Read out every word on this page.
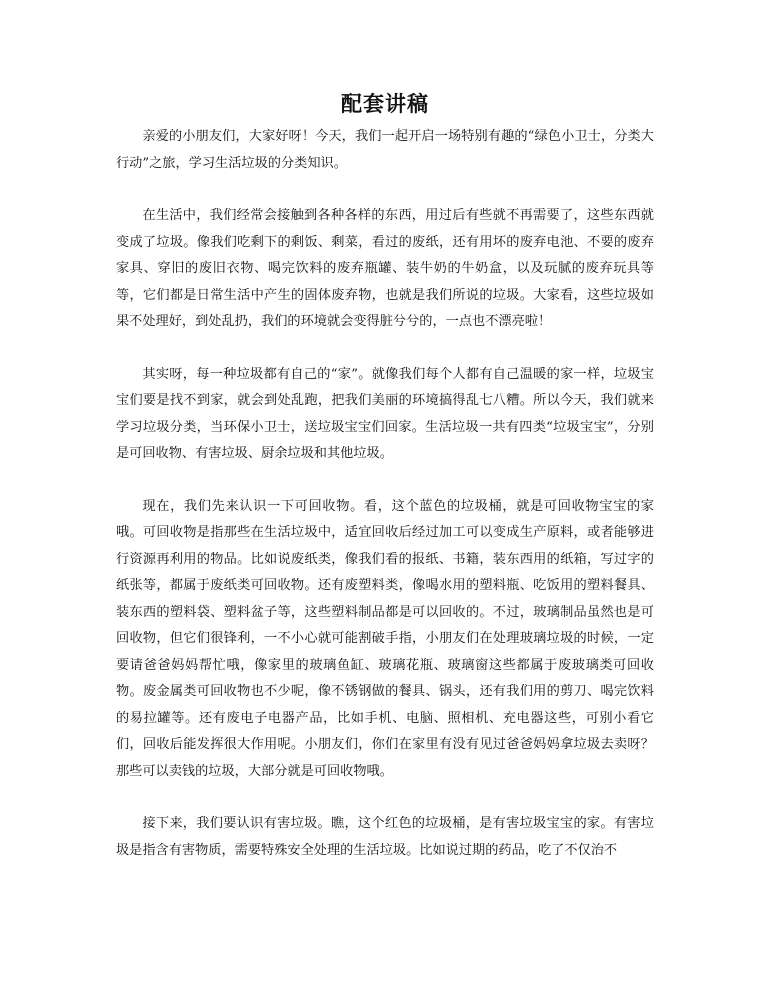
配套讲稿

亲爱的小朋友们，大家好呀！今天，我们一起开启一场特别有趣的“绿色小卫士，分类大行动”之旅，学习生活垃圾的分类知识。

在生活中，我们经常会接触到各种各样的东西，用过后有些就不再需要了，这些东西就变成了垃圾。像我们吃剩下的剩饭、剩菜，看过的废纸，还有用坏的废弃电池、不要的废弃家具、穿旧的废旧衣物、喝完饮料的废弃瓶罐、装牛奶的牛奶盒，以及玩腻的废弃玩具等等，它们都是日常生活中产生的固体废弃物，也就是我们所说的垃圾。大家看，这些垃圾如果不处理好，到处乱扔，我们的环境就会变得脏兮兮的，一点也不漂亮啦！

其实呀，每一种垃圾都有自己的“家”。就像我们每个人都有自己温暖的家一样，垃圾宝宝们要是找不到家，就会到处乱跑，把我们美丽的环境搞得乱七八糟。所以今天，我们就来学习垃圾分类，当环保小卫士，送垃圾宝宝们回家。生活垃圾一共有四类“垃圾宝宝”，分别是可回收物、有害垃圾、厨余垃圾和其他垃圾。

现在，我们先来认识一下可回收物。看，这个蓝色的垃圾桶，就是可回收物宝宝的家哦。可回收物是指那些在生活垃圾中，适宜回收后经过加工可以变成生产原料，或者能够进行资源再利用的物品。比如说废纸类，像我们看的报纸、书籍，装东西用的纸箱，写过字的纸张等，都属于废纸类可回收物。还有废塑料类，像喝水用的塑料瓶、吃饭用的塑料餐具、装东西的塑料袋、塑料盆子等，这些塑料制品都是可以回收的。不过，玻璃制品虽然也是可回收物，但它们很锋利，一不小心就可能割破手指，小朋友们在处理玻璃垃圾的时候，一定要请爸爸妈妈帮忙哦，像家里的玻璃鱼缸、玻璃花瓶、玻璃窗这些都属于废玻璃类可回收物。废金属类可回收物也不少呢，像不锈钢做的餐具、锅头，还有我们用的剪刀、喝完饮料的易拉罐等。还有废电子电器产品，比如手机、电脑、照相机、充电器这些，可别小看它们，回收后能发挥很大作用呢。小朋友们，你们在家里有没有见过爸爸妈妈拿垃圾去卖呀？那些可以卖钱的垃圾，大部分就是可回收物哦。

接下来，我们要认识有害垃圾。瞧，这个红色的垃圾桶，是有害垃圾宝宝的家。有害垃圾是指含有害物质，需要特殊安全处理的生活垃圾。比如说过期的药品，吃了不仅治不
